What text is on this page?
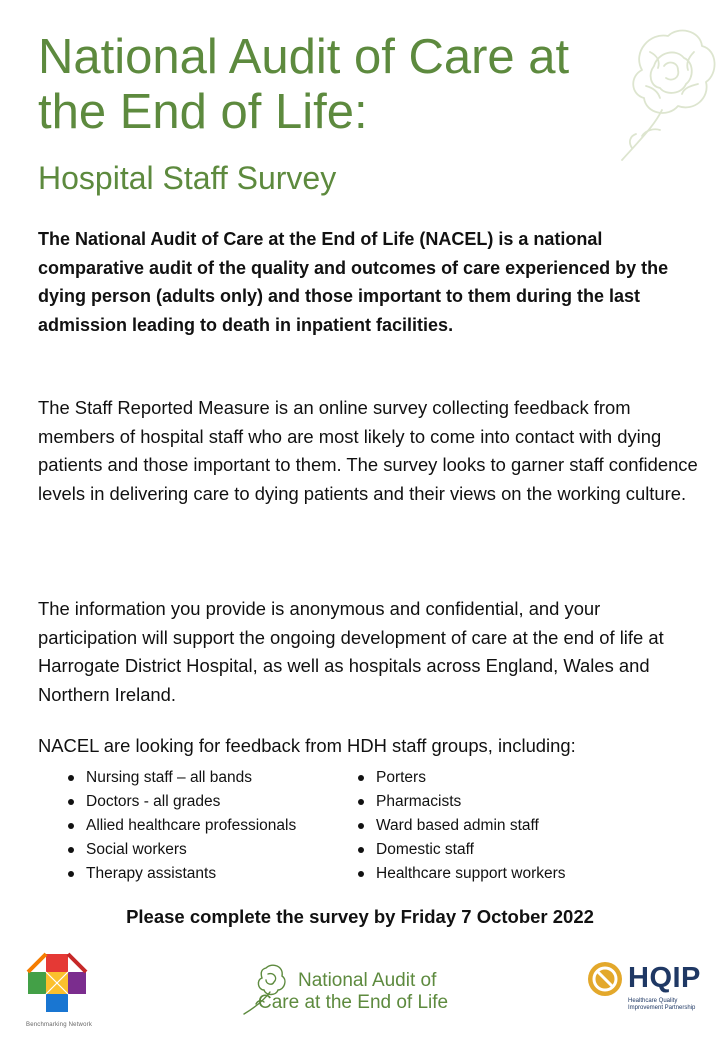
National Audit of Care at
the End of Life:
Hospital Staff Survey

The National Audit of Care at the End of Life (NACEL) is a national comparative audit of the quality and outcomes of care experienced by the dying person (adults only) and those important to them during the last admission leading to death in inpatient facilities.

The Staff Reported Measure is an online survey collecting feedback from members of hospital staff who are most likely to come into contact with dying patients and those important to them. The survey looks to garner staff confidence levels in delivering care to dying patients and their views on the working culture.

The information you provide is anonymous and confidential, and your participation will support the ongoing development of care at the end of life at Harrogate District Hospital, as well as hospitals across England, Wales and Northern Ireland.

NACEL are looking for feedback from HDH staff groups, including:

Nursing staff – all bands
Doctors - all grades
Allied healthcare professionals
Social workers
Therapy assistants
Porters
Pharmacists
Ward based admin staff
Domestic staff
Healthcare support workers

Please complete the survey by Friday 7 October 2022

Benchmarking Network

National Audit of
Care at the End of Life

HQIP

Healthcare Quality
Improvement Partnership
